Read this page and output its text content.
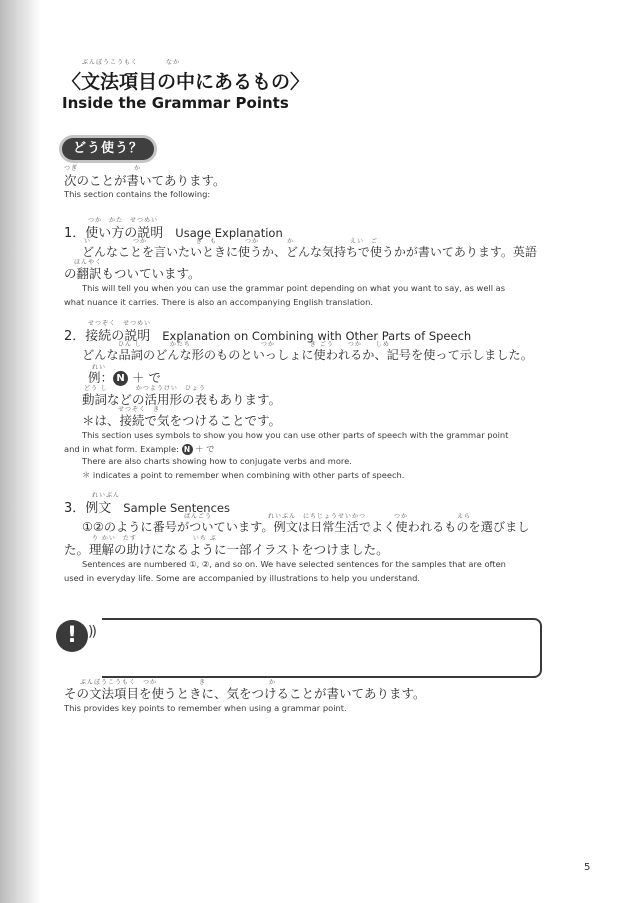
ぶんぽうこうもく　　　　なか
〈文法項目の中にあるもの〉
Inside the Grammar Points
どう使う？
つぎ　　　　　　　　か
次のことが書いてあります。
This section contains the following:
つか　かた　せつめい
1．使い方の説明 Usage Explanation
い　　　　　　つか　　　　　　　き　も　　　　つか　　　　か　　　　　　　　えい　ご
どんなことを言いたいときに使うか、どんな気持ちで使うかが書いてあります。英語
ほんやく
の翻訳もついています。
This will tell you when you can use the grammar point depending on what you want to say, as well as
what nuance it carries. There is also an accompanying English translation.
せつぞく　せつめい
2．接続の説明 Explanation on Combining with Other Parts of Speech
ひん し　　　　かたち　　　　　　　　　　つか　　　　　き ごう　　つか　　しめ
どんな品詞のどんな形のものといっしょに使われるか、記号を使って示しました。
れい
例： N ＋ で
どう し　　　　かつようけい　ひょう
動詞などの活用形の表もあります。
せつぞく　き
＊は、接続で気をつけることです。
This section uses symbols to show you how you can use other parts of speech with the grammar point
and in what form. Example: N ＋ で
There are also charts showing how to conjugate verbs and more.
＊ indicates a point to remember when combining with other parts of speech.
れいぶん
3．例文 Sample Sentences
ばんごう　　　　　　　　れいぶん　にちじょうせいかつ　　　　つか　　　　　　　えら
①②のように番号がついています。例文は日常生活でよく使われるものを選びまし
り かい　たす　　　　　　　　いち ぶ
た。理解の助けになるように一部イラストをつけました。
Sentences are numbered ①, ②, and so on. We have selected sentences for the samples that are often
used in everyday life. Some are accompanied by illustrations to help you understand.
! ))
ぶんぽうこうもく　つか　　　　　　き　　　　　　　　　か
その文法項目を使うときに、気をつけることが書いてあります。
This provides key points to remember when using a grammar point.
5
